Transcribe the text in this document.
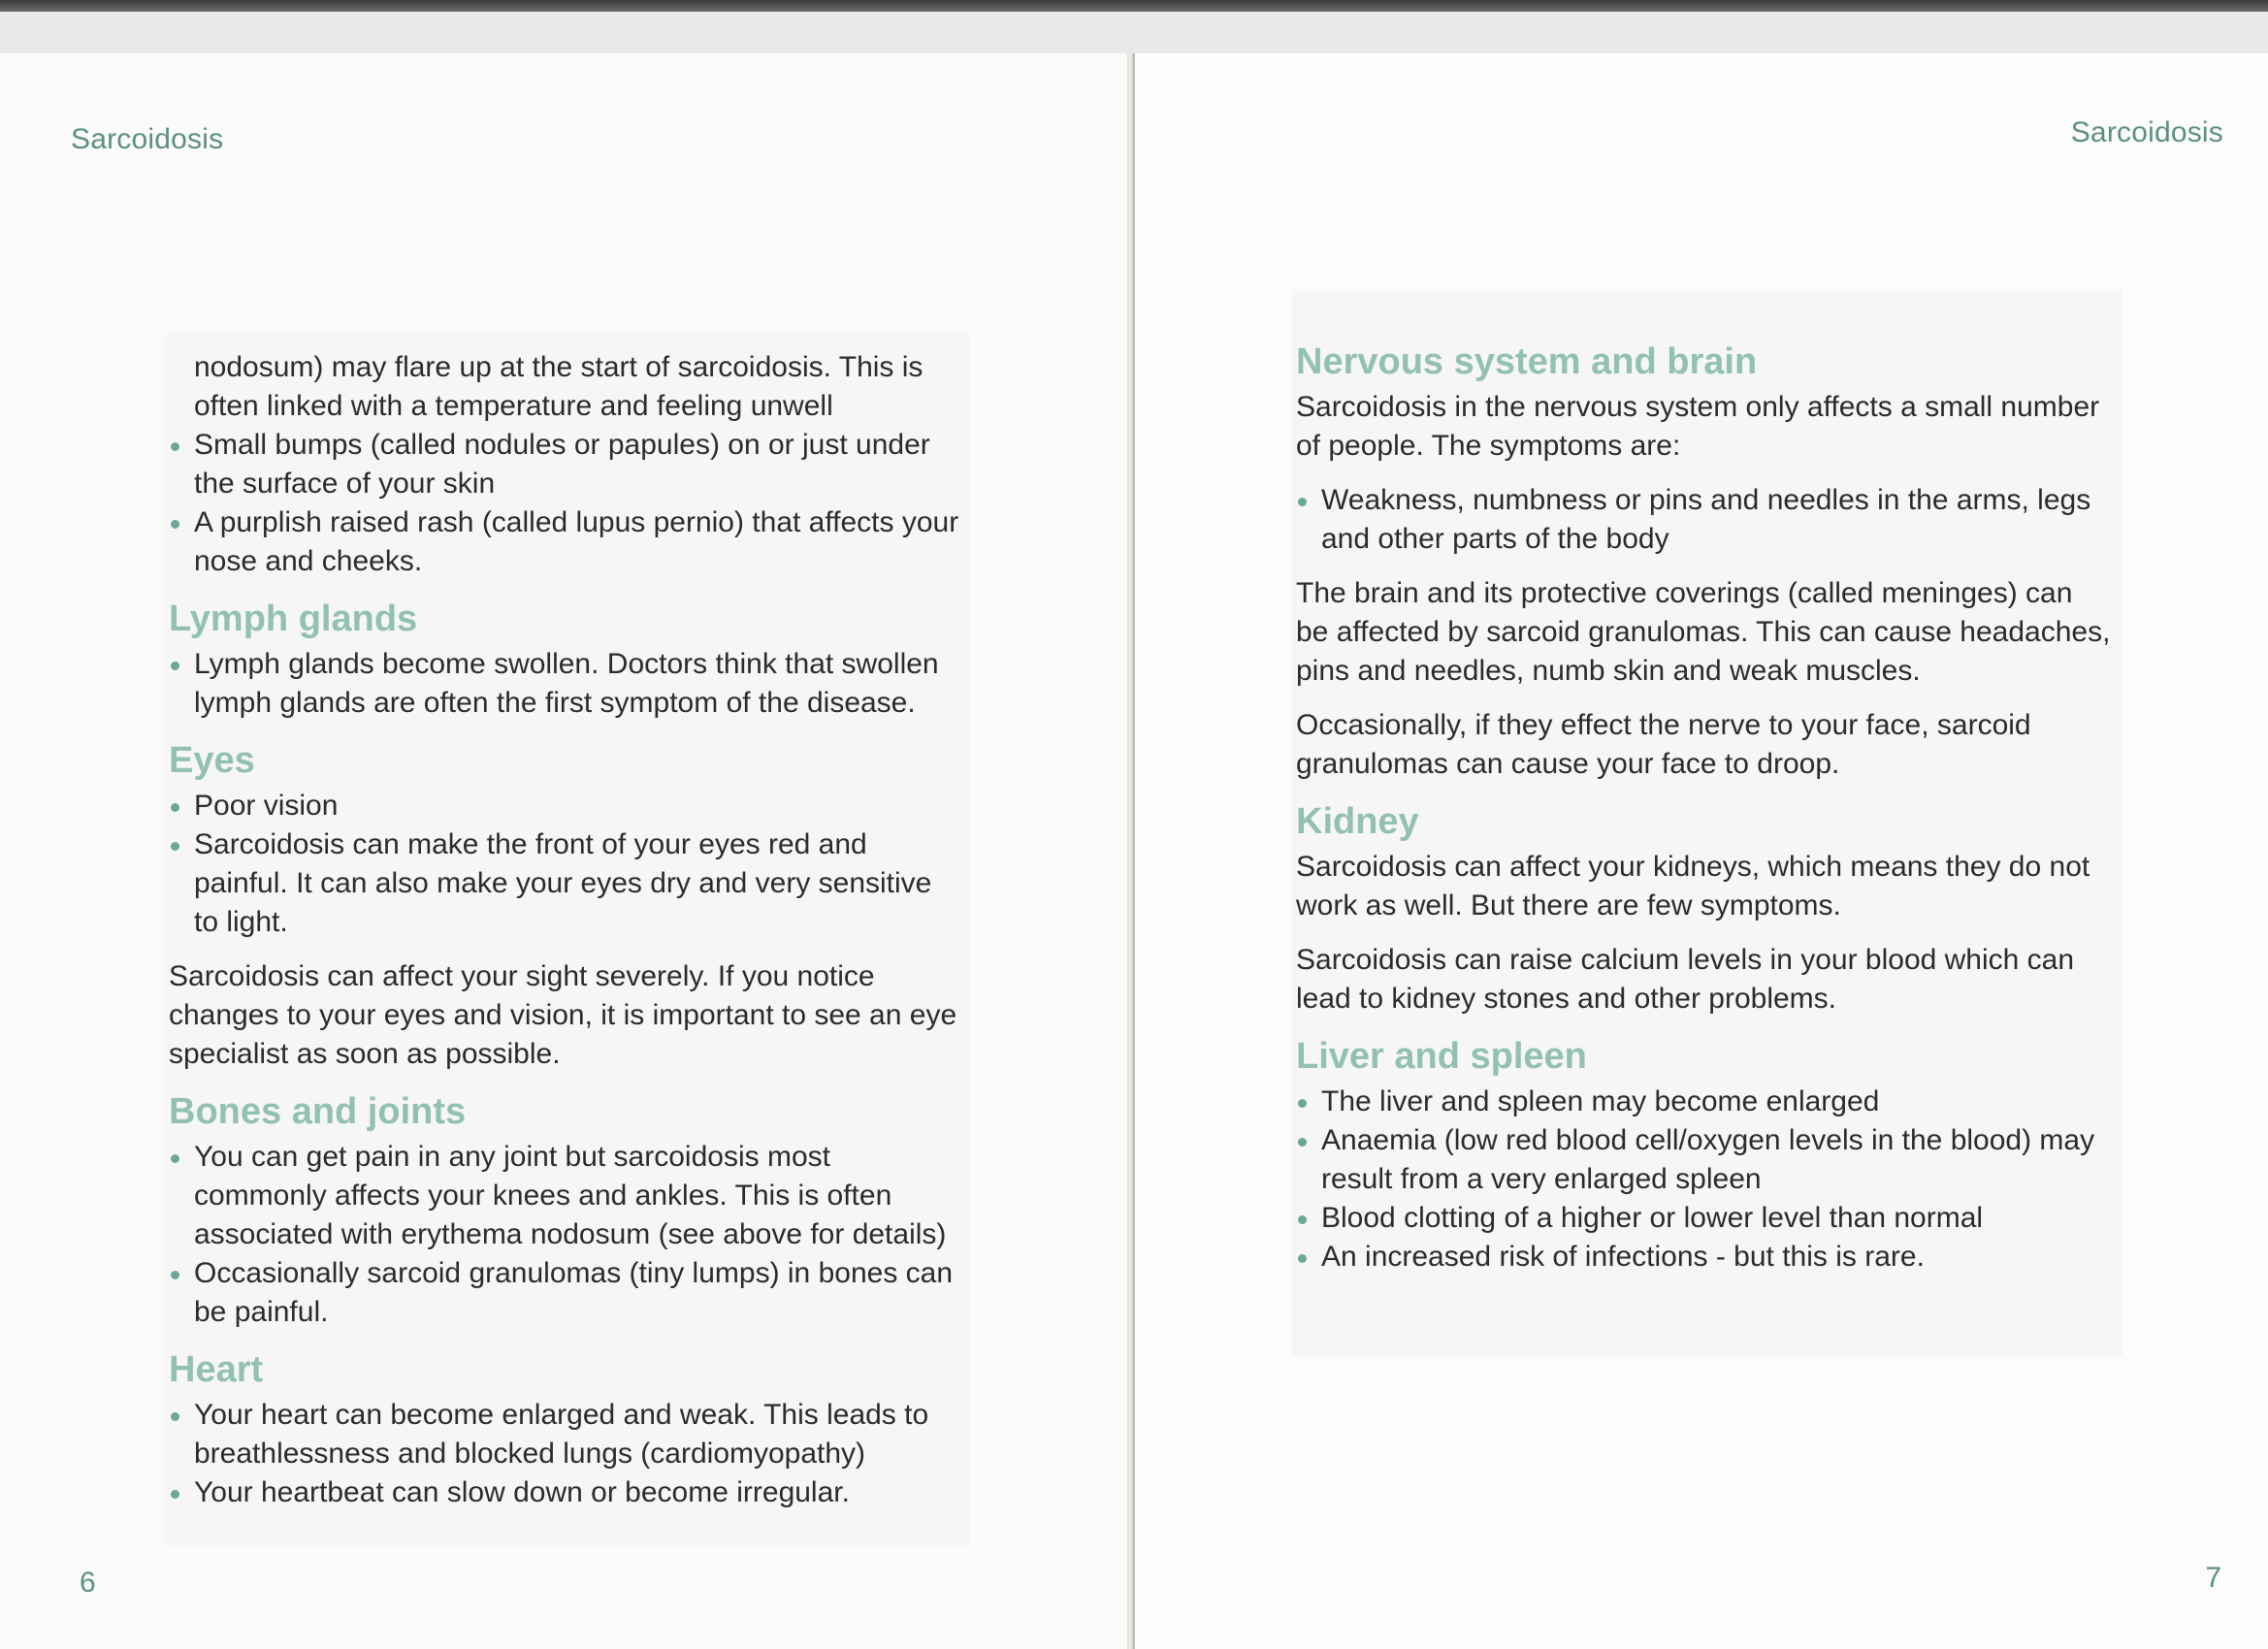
Sarcoidosis

nodosum) may flare up at the start of sarcoidosis. This is often linked with a temperature and feeling unwell

Small bumps (called nodules or papules) on or just under the surface of your skin
A purplish raised rash (called lupus pernio) that affects your nose and cheeks.
Lymph glands
Lymph glands become swollen. Doctors think that swollen lymph glands are often the first symptom of the disease.
Eyes
Poor vision
Sarcoidosis can make the front of your eyes red and painful. It can also make your eyes dry and very sensitive to light.

Sarcoidosis can affect your sight severely. If you notice changes to your eyes and vision, it is important to see an eye specialist as soon as possible.

Bones and joints
You can get pain in any joint but sarcoidosis most commonly affects your knees and ankles. This is often associated with erythema nodosum (see above for details)
Occasionally sarcoid granulomas (tiny lumps) in bones can be painful.
Heart
Your heart can become enlarged and weak. This leads to breathlessness and blocked lungs (cardiomyopathy)
Your heartbeat can slow down or become irregular.
6
Sarcoidosis
Nervous system and brain

Sarcoidosis in the nervous system only affects a small number of people. The symptoms are:

Weakness, numbness or pins and needles in the arms, legs and other parts of the body

The brain and its protective coverings (called meninges) can be affected by sarcoid granulomas. This can cause headaches, pins and needles, numb skin and weak muscles.

Occasionally, if they effect the nerve to your face, sarcoid granulomas can cause your face to droop.

Kidney

Sarcoidosis can affect your kidneys, which means they do not work as well. But there are few symptoms.

Sarcoidosis can raise calcium levels in your blood which can lead to kidney stones and other problems.

Liver and spleen
The liver and spleen may become enlarged
Anaemia (low red blood cell/oxygen levels in the blood) may result from a very enlarged spleen
Blood clotting of a higher or lower level than normal
An increased risk of infections - but this is rare.
7
